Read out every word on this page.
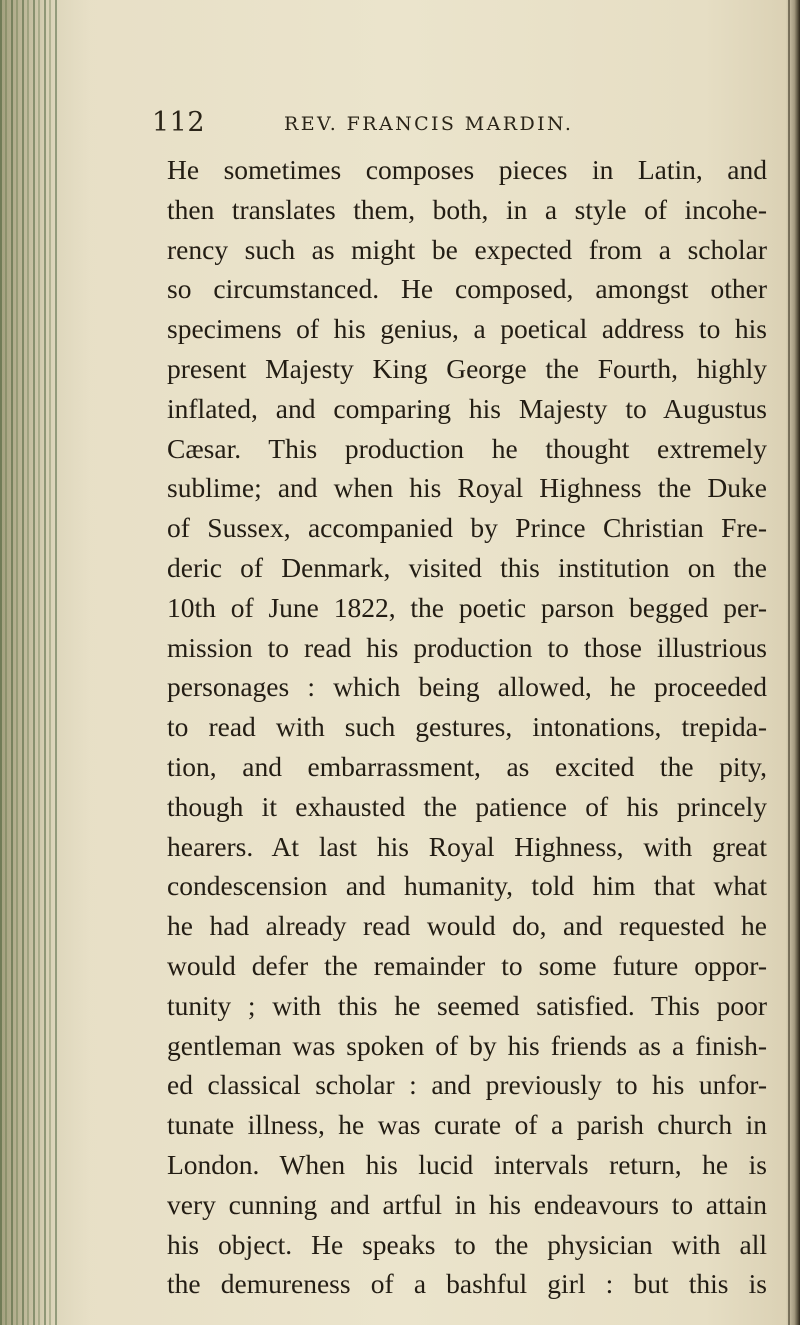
112	REV. FRANCIS MARDIN.
He sometimes composes pieces in Latin, and
then translates them, both, in a style of incohe-
rency such as might be expected from a scholar
so circumstanced. He composed, amongst other
specimens of his genius, a poetical address to his
present Majesty King George the Fourth, highly
inflated, and comparing his Majesty to Augustus
Cæsar. This production he thought extremely
sublime; and when his Royal Highness the Duke
of Sussex, accompanied by Prince Christian Fre-
deric of Denmark, visited this institution on the
10th of June 1822, the poetic parson begged per-
mission to read his production to those illustrious
personages : which being allowed, he proceeded
to read with such gestures, intonations, trepida-
tion, and embarrassment, as excited the pity,
though it exhausted the patience of his princely
hearers. At last his Royal Highness, with great
condescension and humanity, told him that what
he had already read would do, and requested he
would defer the remainder to some future oppor-
tunity ; with this he seemed satisfied. This poor
gentleman was spoken of by his friends as a finish-
ed classical scholar : and previously to his unfor-
tunate illness, he was curate of a parish church in
London. When his lucid intervals return, he is
very cunning and artful in his endeavours to attain
his object. He speaks to the physician with all
the demureness of a bashful girl : but this is
